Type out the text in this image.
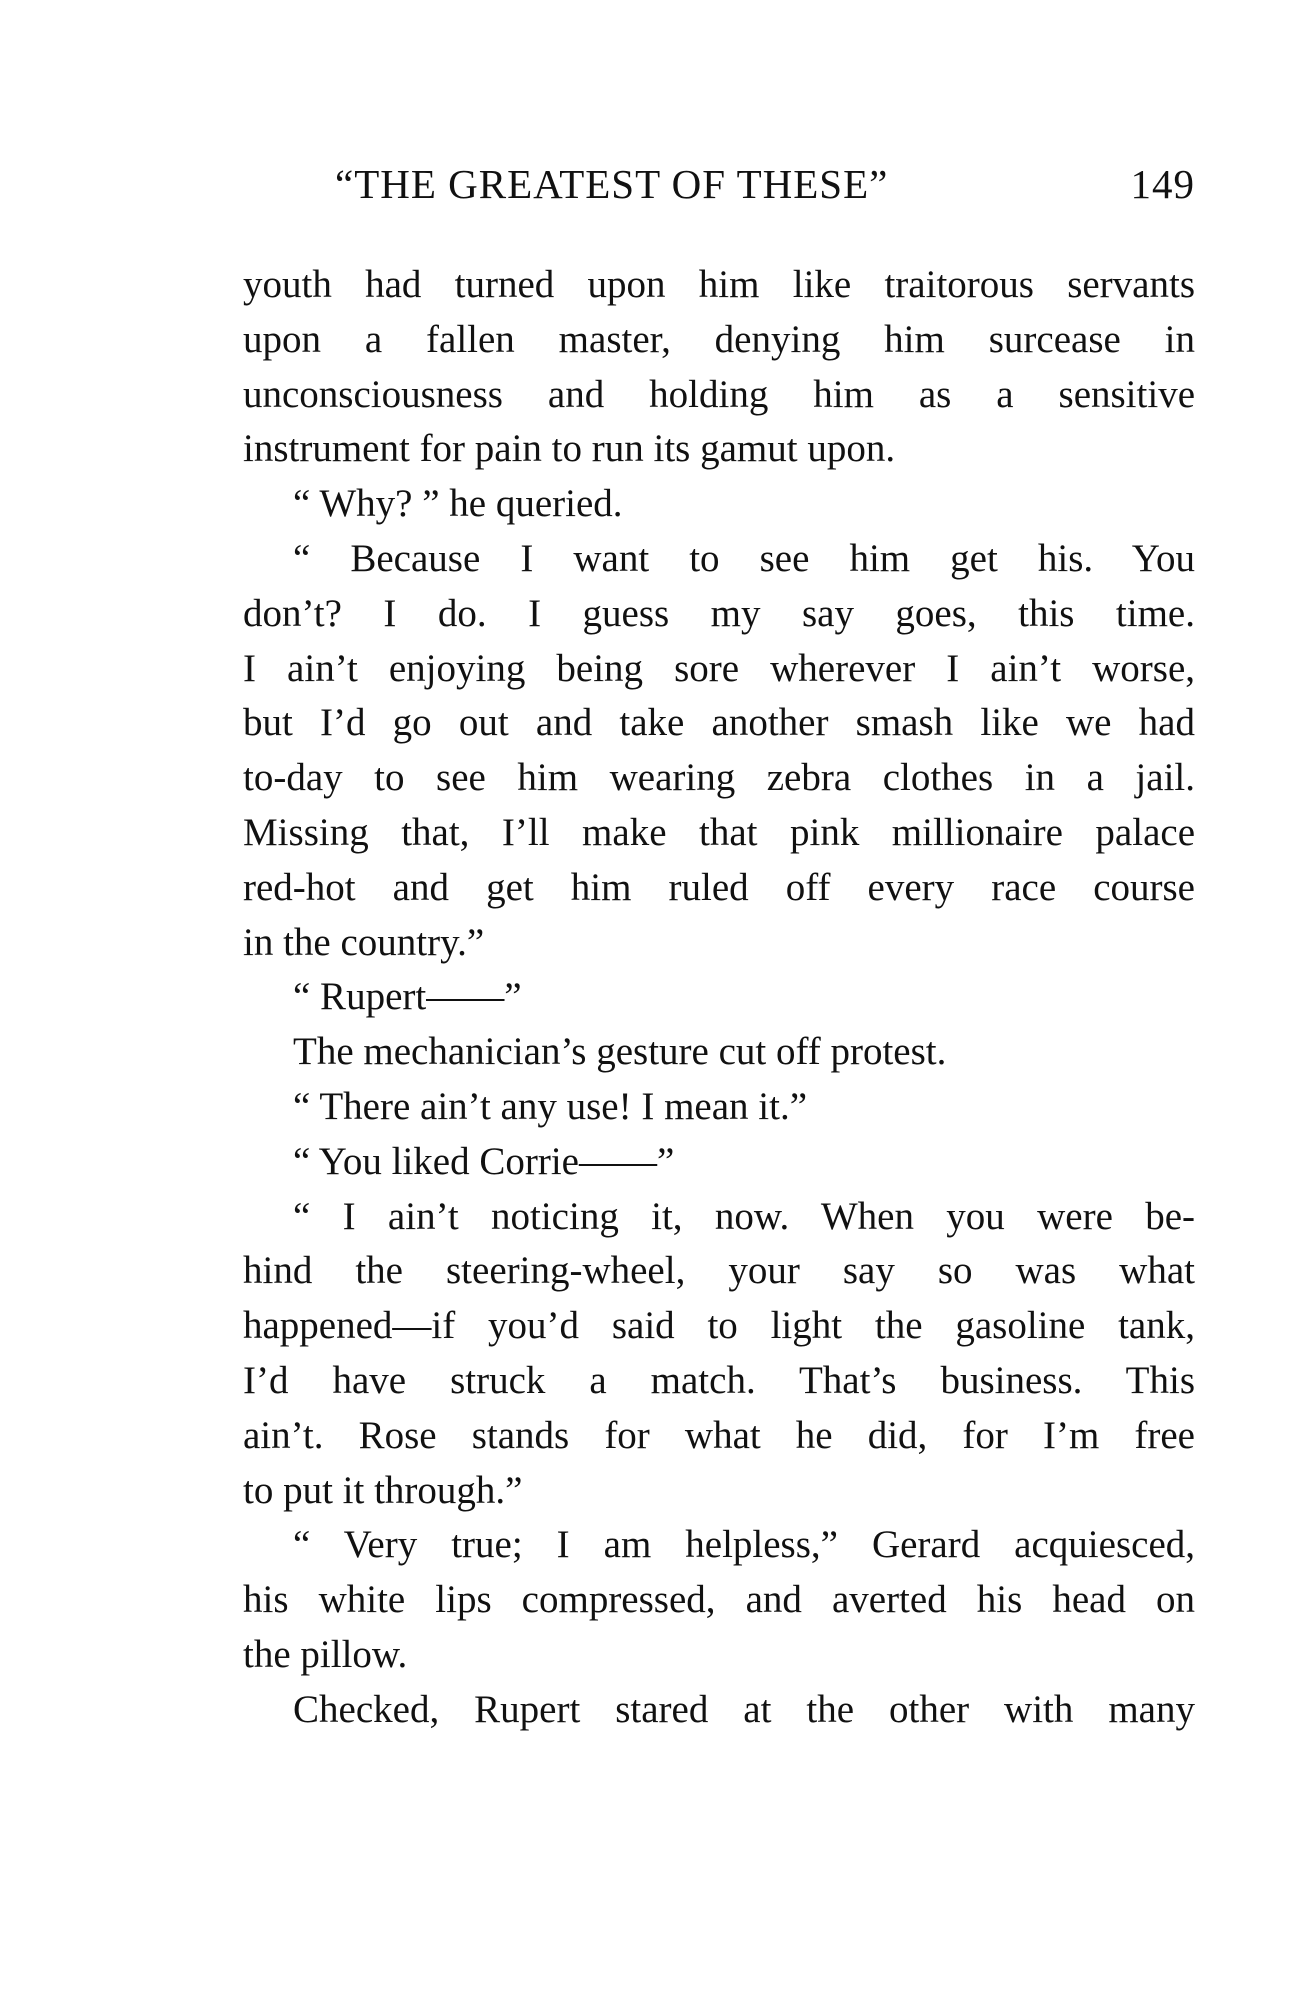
“THE GREATEST OF THESE”	149
youth had turned upon him like traitorous servants
upon a fallen master, denying him surcease in
unconsciousness and holding him as a sensitive
instrument for pain to run its gamut upon.
“ Why? ” he queried.
“ Because I want to see him get his. You
don’t? I do. I guess my say goes, this time.
I ain’t enjoying being sore wherever I ain’t worse,
but I’d go out and take another smash like we had
to-day to see him wearing zebra clothes in a jail.
Missing that, I’ll make that pink millionaire palace
red-hot and get him ruled off every race course
in the country.”
“ Rupert——”
The mechanician’s gesture cut off protest.
“ There ain’t any use! I mean it.”
“ You liked Corrie——”
“ I ain’t noticing it, now. When you were be-
hind the steering-wheel, your say so was what
happened—if you’d said to light the gasoline tank,
I’d have struck a match. That’s business. This
ain’t. Rose stands for what he did, for I’m free
to put it through.”
“ Very true; I am helpless,” Gerard acquiesced,
his white lips compressed, and averted his head on
the pillow.
Checked, Rupert stared at the other with many
